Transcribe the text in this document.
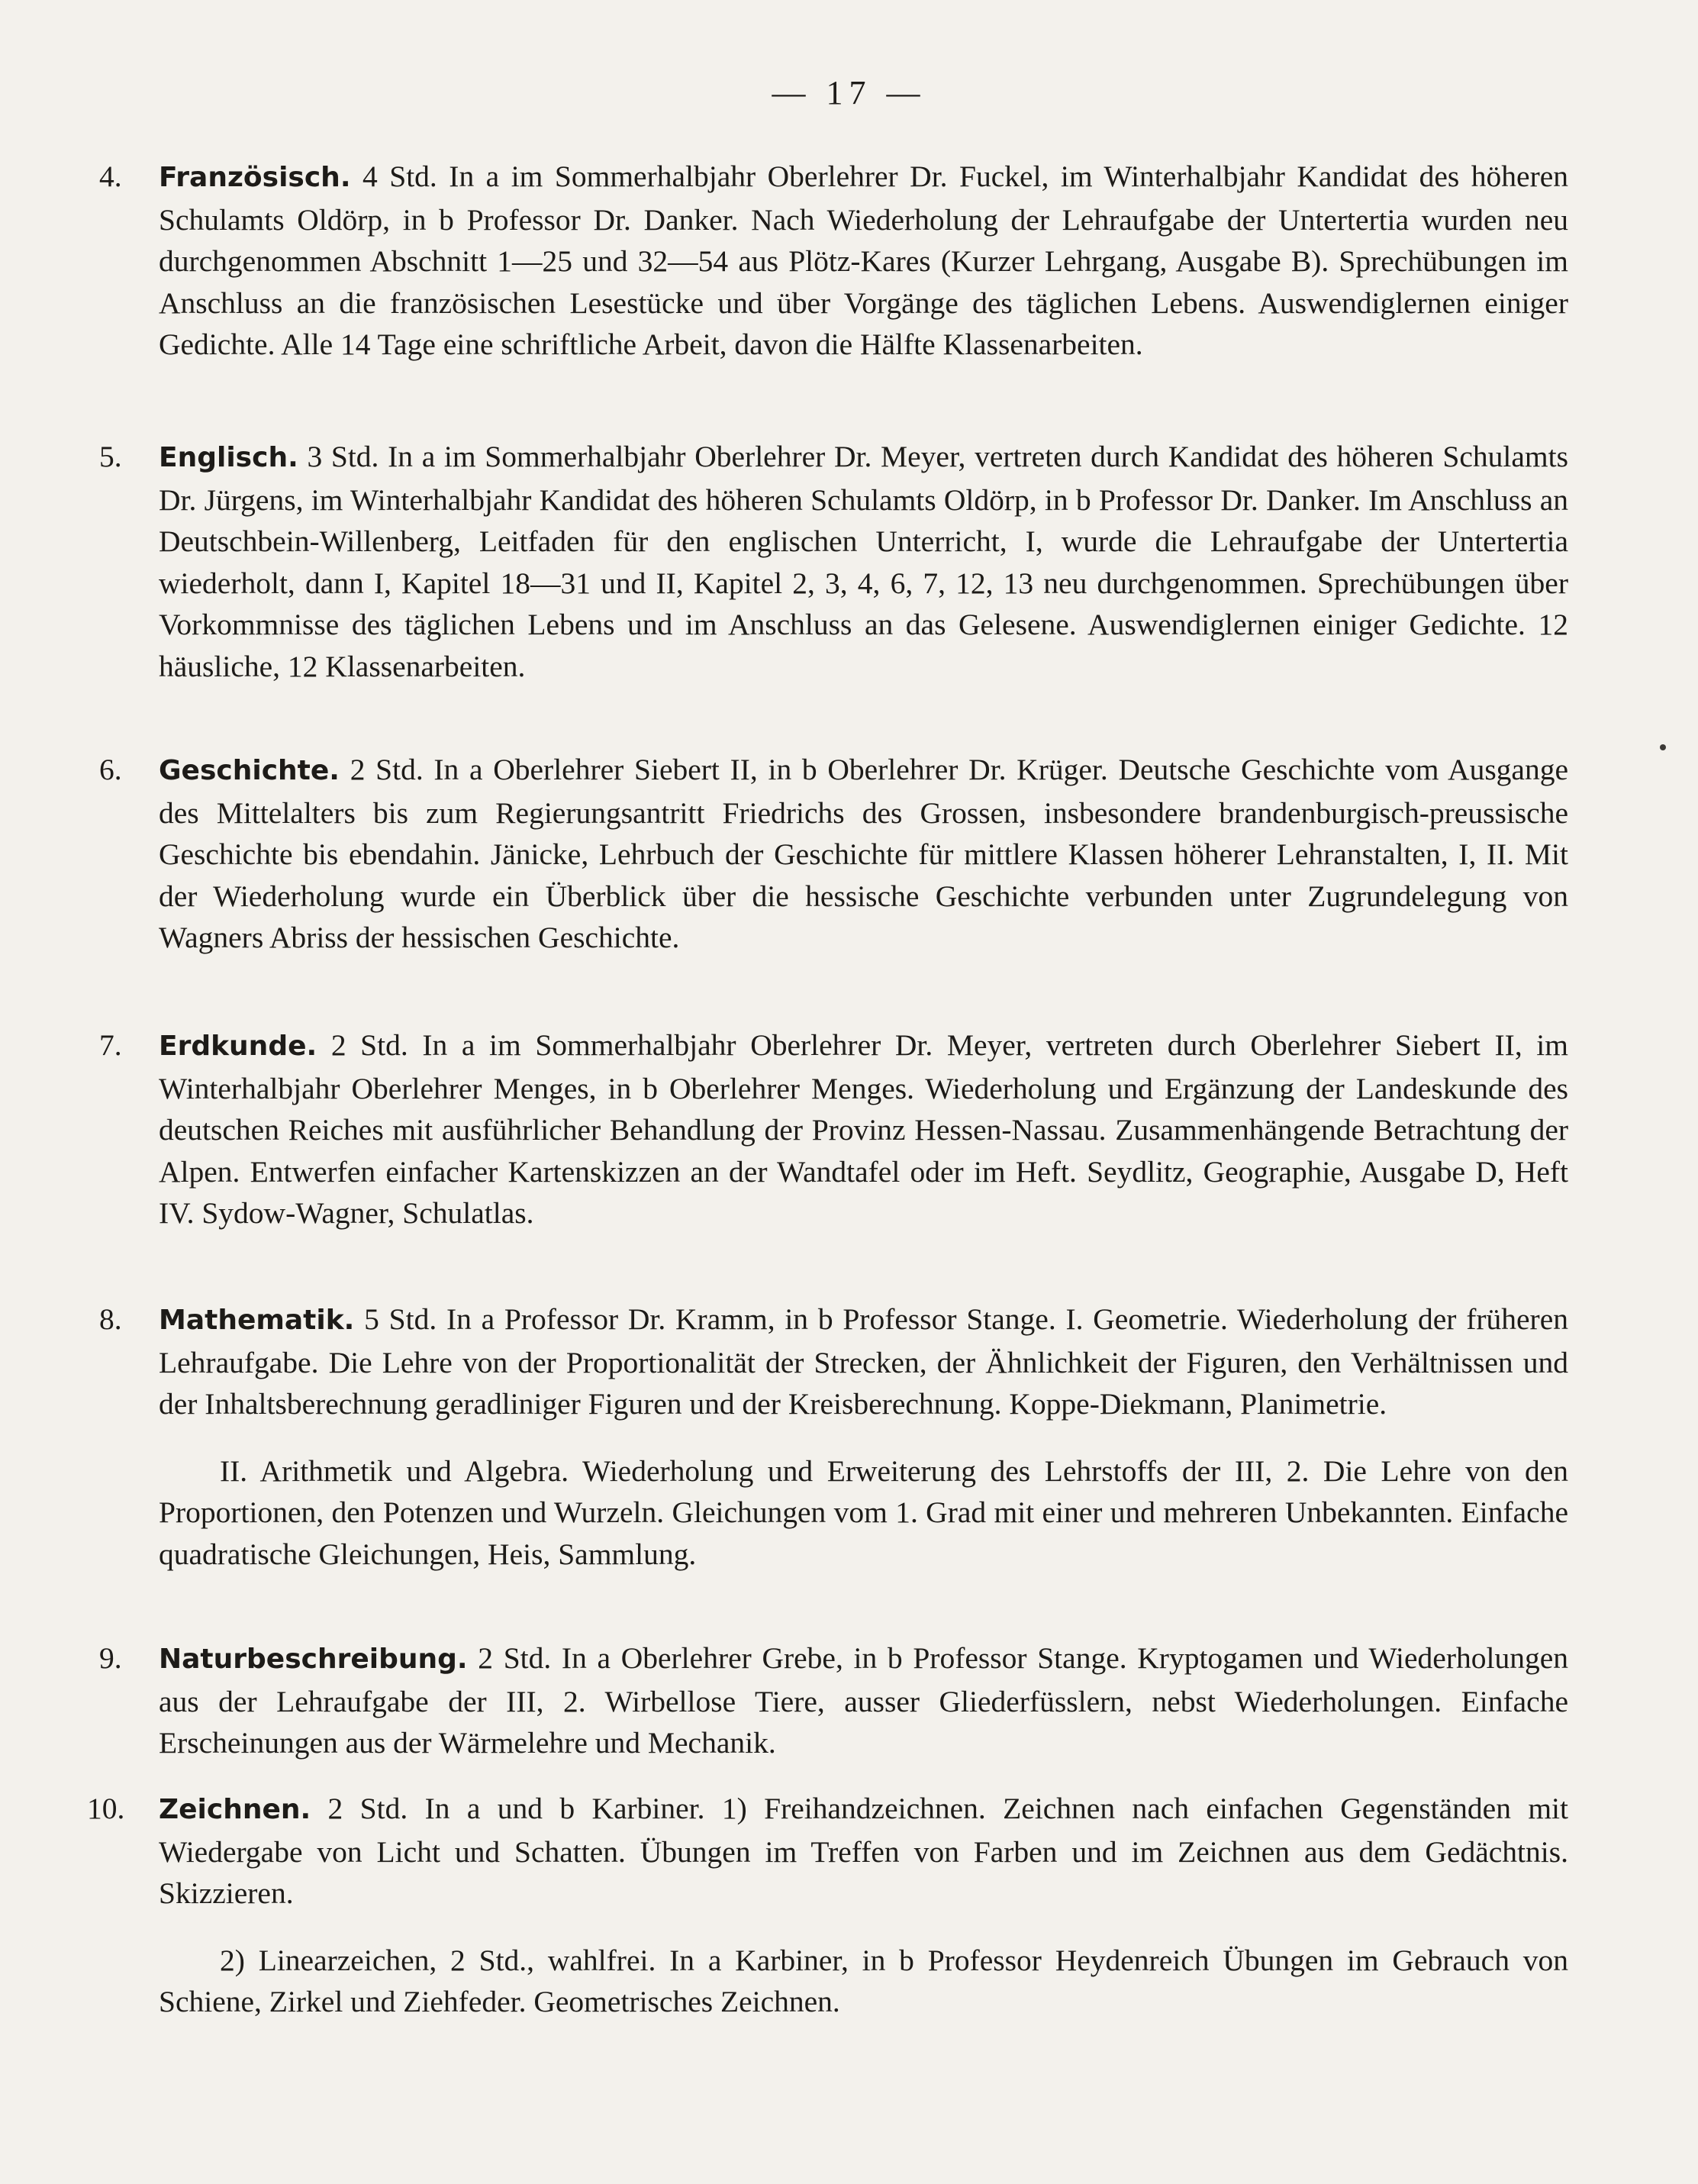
— 17 —

4.	Französisch. 4 Std. In a im Sommerhalbjahr Oberlehrer Dr. Fuckel, im Winterhalbjahr Kandidat des höheren Schulamts Oldörp, in b Professor Dr. Danker. Nach Wiederholung der Lehraufgabe der Untertertia wurden neu durchgenommen Abschnitt 1—25 und 32—54 aus Plötz-Kares (Kurzer Lehrgang, Ausgabe B). Sprechübungen im Anschluss an die französischen Lesestücke und über Vorgänge des täglichen Lebens. Auswendiglernen einiger Gedichte. Alle 14 Tage eine schriftliche Arbeit, davon die Hälfte Klassenarbeiten.

5.	Englisch. 3 Std. In a im Sommerhalbjahr Oberlehrer Dr. Meyer, vertreten durch Kandidat des höheren Schulamts Dr. Jürgens, im Winterhalbjahr Kandidat des höheren Schulamts Oldörp, in b Professor Dr. Danker. Im Anschluss an Deutschbein-Willenberg, Leitfaden für den englischen Unterricht, I, wurde die Lehraufgabe der Untertertia wiederholt, dann I, Kapitel 18—31 und II, Kapitel 2, 3, 4, 6, 7, 12, 13 neu durchgenommen. Sprechübungen über Vorkommnisse des täglichen Lebens und im Anschluss an das Gelesene. Auswendiglernen einiger Gedichte. 12 häusliche, 12 Klassenarbeiten.

6.	Geschichte. 2 Std. In a Oberlehrer Siebert II, in b Oberlehrer Dr. Krüger. Deutsche Geschichte vom Ausgange des Mittelalters bis zum Regierungsantritt Friedrichs des Grossen, insbesondere brandenburgisch-preussische Geschichte bis ebendahin. Jänicke, Lehrbuch der Geschichte für mittlere Klassen höherer Lehranstalten, I, II. Mit der Wiederholung wurde ein Überblick über die hessische Geschichte verbunden unter Zugrundelegung von Wagners Abriss der hessischen Geschichte.

7.	Erdkunde. 2 Std. In a im Sommerhalbjahr Oberlehrer Dr. Meyer, vertreten durch Oberlehrer Siebert II, im Winterhalbjahr Oberlehrer Menges, in b Oberlehrer Menges. Wiederholung und Ergänzung der Landeskunde des deutschen Reiches mit ausführlicher Behandlung der Provinz Hessen-Nassau. Zusammenhängende Betrachtung der Alpen. Entwerfen einfacher Kartenskizzen an der Wandtafel oder im Heft. Seydlitz, Geographie, Ausgabe D, Heft IV. Sydow-Wagner, Schulatlas.

8.	Mathematik. 5 Std. In a Professor Dr. Kramm, in b Professor Stange. I. Geometrie. Wiederholung der früheren Lehraufgabe. Die Lehre von der Proportionalität der Strecken, der Ähnlichkeit der Figuren, den Verhältnissen und der Inhaltsberechnung geradliniger Figuren und der Kreisberechnung. Koppe-Diekmann, Planimetrie.

II. Arithmetik und Algebra. Wiederholung und Erweiterung des Lehrstoffs der III, 2. Die Lehre von den Proportionen, den Potenzen und Wurzeln. Gleichungen vom 1. Grad mit einer und mehreren Unbekannten. Einfache quadratische Gleichungen, Heis, Sammlung.

9.	Naturbeschreibung. 2 Std. In a Oberlehrer Grebe, in b Professor Stange. Kryptogamen und Wiederholungen aus der Lehraufgabe der III, 2. Wirbellose Tiere, ausser Gliederfüsslern, nebst Wiederholungen. Einfache Erscheinungen aus der Wärmelehre und Mechanik.

10.	Zeichnen. 2 Std. In a und b Karbiner. 1) Freihandzeichnen. Zeichnen nach einfachen Gegenständen mit Wiedergabe von Licht und Schatten. Übungen im Treffen von Farben und im Zeichnen aus dem Gedächtnis. Skizzieren.

2) Linearzeichen, 2 Std., wahlfrei. In a Karbiner, in b Professor Heydenreich Übungen im Gebrauch von Schiene, Zirkel und Ziehfeder. Geometrisches Zeichnen.
